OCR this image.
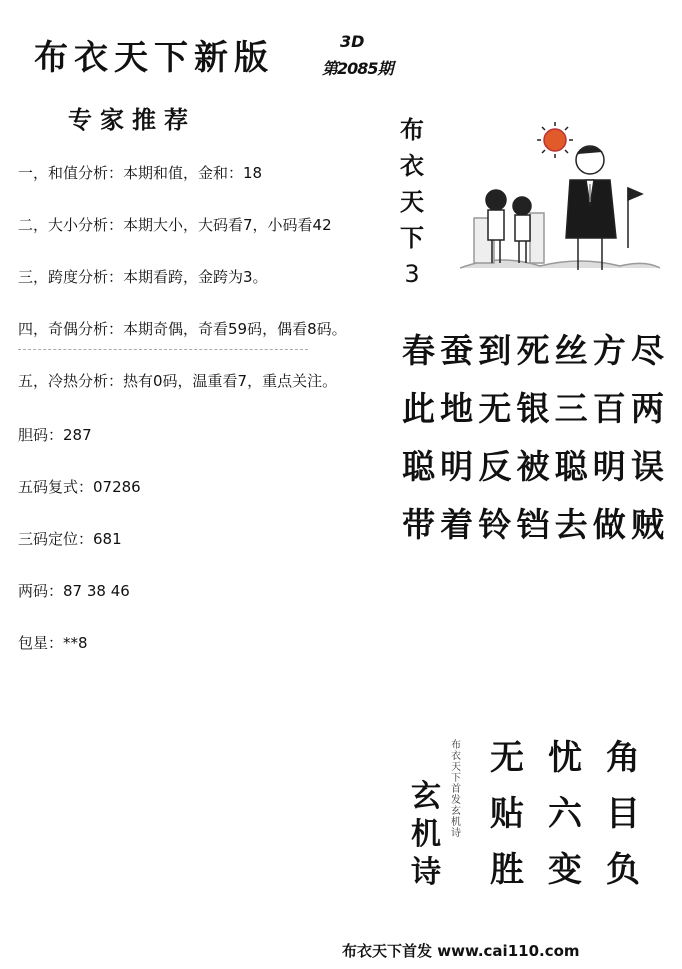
布衣天下新版	3D
第2085期
专家推荐
一，和值分析：本期和值，金和：18
二，大小分析：本期大小，大码看7，小码看42
三，跨度分析：本期看跨，金跨为3。
四，奇偶分析：本期奇偶，奇看59码，偶看8码。
五，冷热分析：热有0码，温重看7，重点关注。
胆码：287
五码复式：07286
三码定位：681
两码：87 38 46
包星：**8
布
衣
天
下
3
春 蚕 到 死 丝 方 尽
此 地 无 银 三 百 两
聪 明 反 被 聪 明 误
带 着 铃 铛 去 做 贼
玄
机
诗
布衣天下首发玄机诗
无 忧 角
贴 六 目
胜 变 负
布衣天下首发 www.cai110.com
